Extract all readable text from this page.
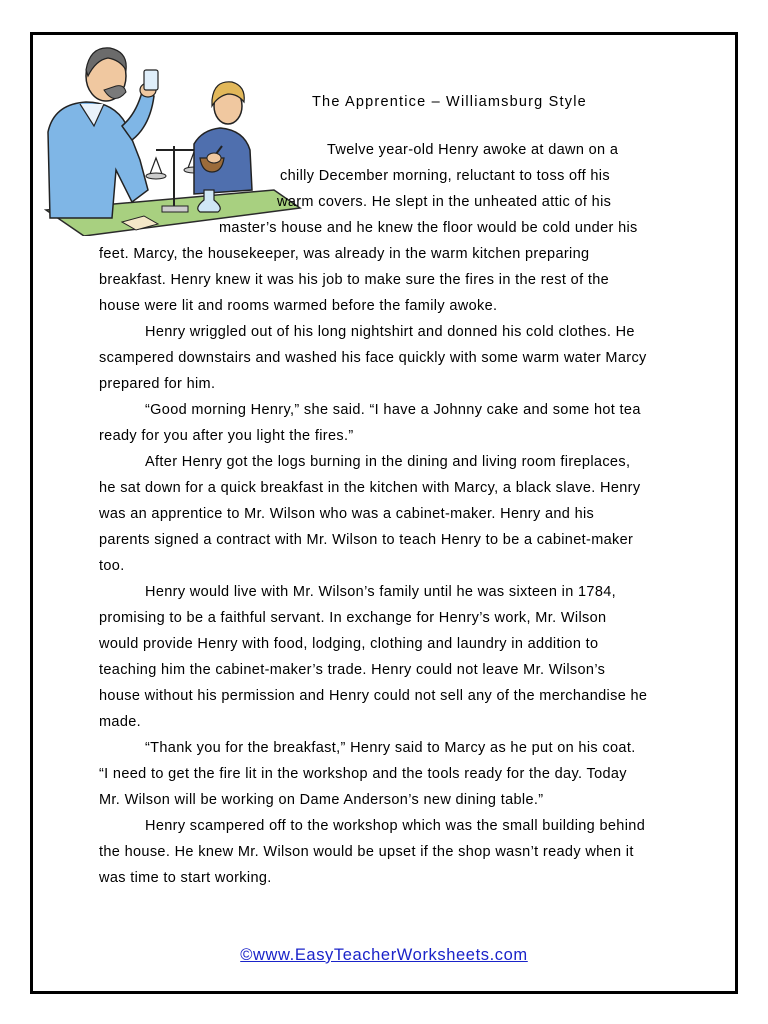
The Apprentice – Williamsburg Style
Twelve year-old Henry awoke at dawn on a
chilly December morning, reluctant to toss off his
warm covers. He slept in the unheated attic of his
master’s house and he knew the floor would be cold under his
feet. Marcy, the housekeeper, was already in the warm kitchen preparing
breakfast. Henry knew it was his job to make sure the fires in the rest of the
house were lit and rooms warmed before the family awoke.
Henry wriggled out of his long nightshirt and donned his cold clothes. He
scampered downstairs and washed his face quickly with some warm water Marcy
prepared for him.
“Good morning Henry,” she said. “I have a Johnny cake and some hot tea
ready for you after you light the fires.”
After Henry got the logs burning in the dining and living room fireplaces,
he sat down for a quick breakfast in the kitchen with Marcy, a black slave. Henry
was an apprentice to Mr. Wilson who was a cabinet-maker. Henry and his
parents signed a contract with Mr. Wilson to teach Henry to be a cabinet-maker
too.
Henry would live with Mr. Wilson’s family until he was sixteen in 1784,
promising to be a faithful servant. In exchange for Henry’s work, Mr. Wilson
would provide Henry with food, lodging, clothing and laundry in addition to
teaching him the cabinet-maker’s trade. Henry could not leave Mr. Wilson’s
house without his permission and Henry could not sell any of the merchandise he
made.
“Thank you for the breakfast,” Henry said to Marcy as he put on his coat.
“I need to get the fire lit in the workshop and the tools ready for the day. Today
Mr. Wilson will be working on Dame Anderson’s new dining table.”
Henry scampered off to the workshop which was the small building behind
the house. He knew Mr. Wilson would be upset if the shop wasn’t ready when it
was time to start working.
©www.EasyTeacherWorksheets.com
